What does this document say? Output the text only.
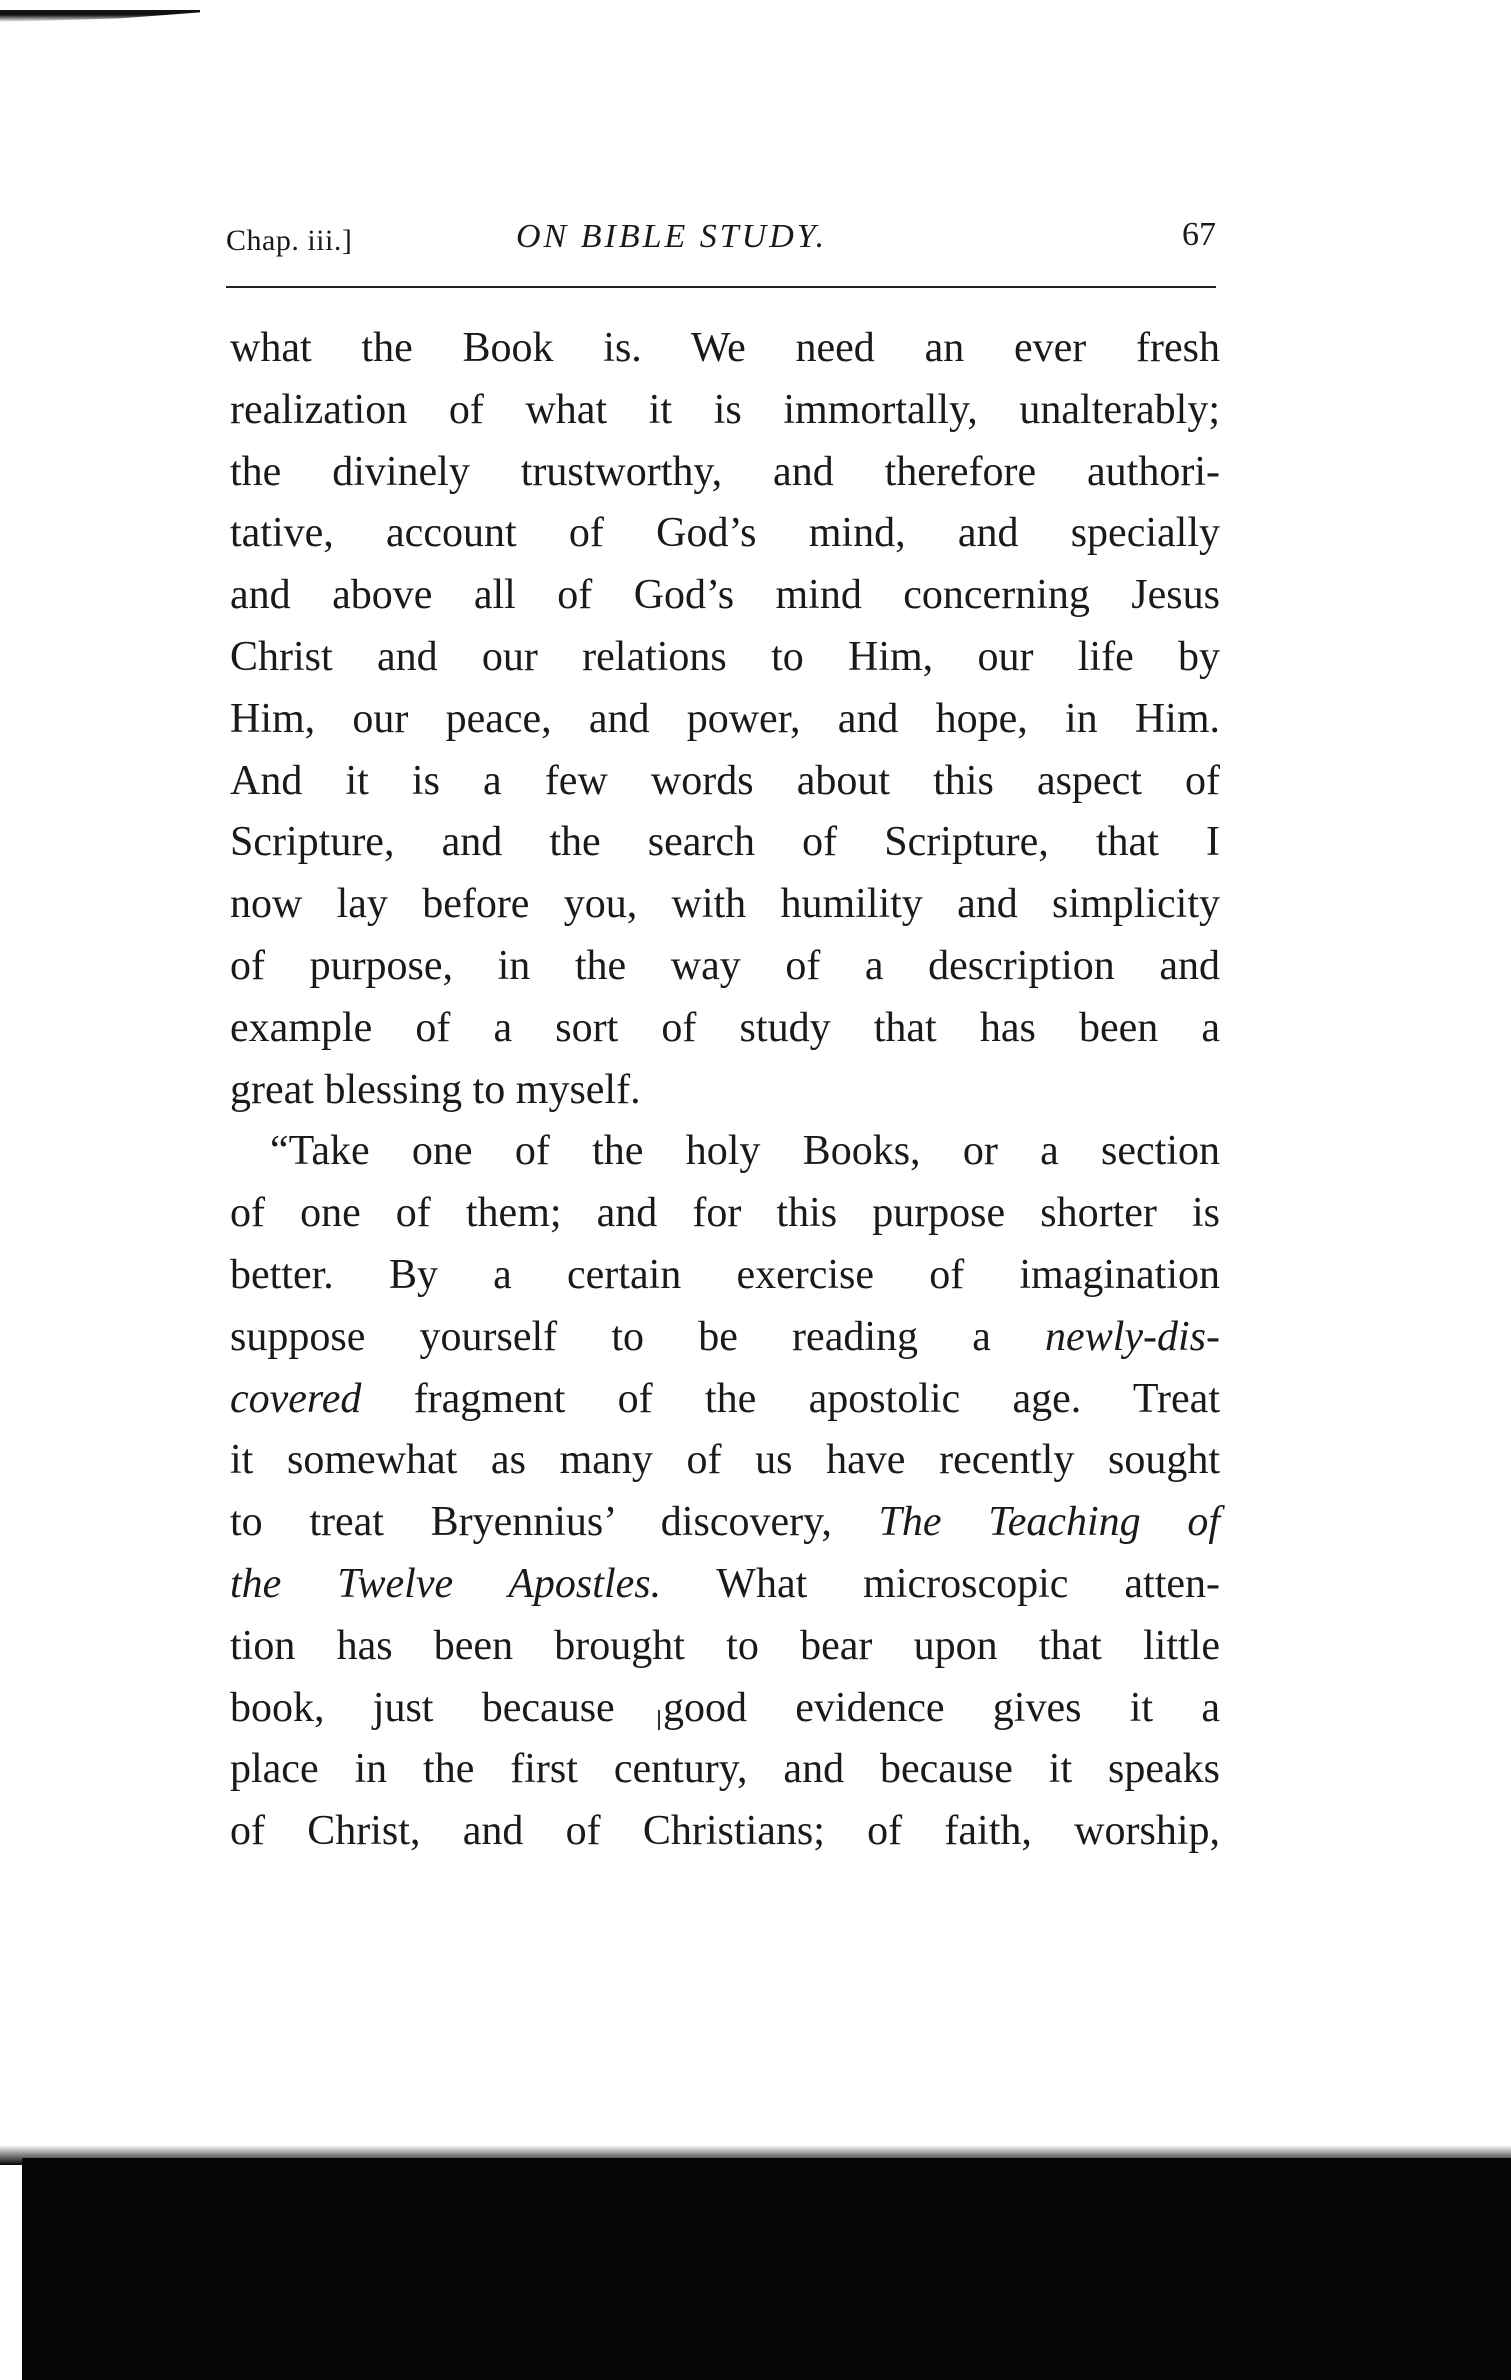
Chap. iii.]	ON BIBLE STUDY.	67
what the Book is. We need an ever fresh
realization of what it is immortally, unalterably;
the divinely trustworthy, and therefore authori-
tative, account of God’s mind, and specially
and above all of God’s mind concerning Jesus
Christ and our relations to Him, our life by
Him, our peace, and power, and hope, in Him.
And it is a few words about this aspect of
Scripture, and the search of Scripture, that I
now lay before you, with humility and simplicity
of purpose, in the way of a description and
example of a sort of study that has been a
great blessing to myself.
“Take one of the holy Books, or a section
of one of them; and for this purpose shorter is
better. By a certain exercise of imagination
suppose yourself to be reading a newly-dis-
covered fragment of the apostolic age. Treat
it somewhat as many of us have recently sought
to treat Bryennius’ discovery, The Teaching of
the Twelve Apostles. What microscopic atten-
tion has been brought to bear upon that little
book, just because good evidence gives it a
place in the first century, and because it speaks
of Christ, and of Christians; of faith, worship,
